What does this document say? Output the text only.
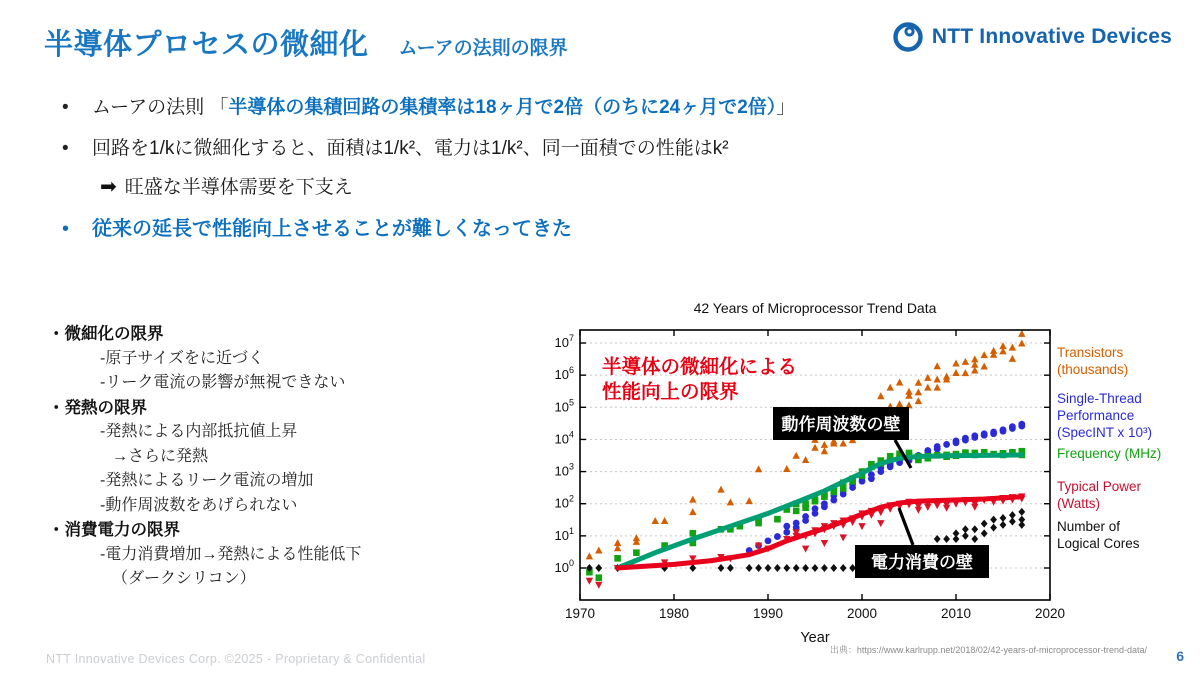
半導体プロセスの微細化 ムーアの法則の限界
NTT Innovative Devices
• ムーアの法則 「半導体の集積回路の集積率は18ヶ月で2倍（のちに24ヶ月で2倍）」
• 回路を1/kに微細化すると、面積は1/k²、電力は1/k²、同一面積での性能はk²
➡ 旺盛な半導体需要を下支え
• 従来の延長で性能向上させることが難しくなってきた
・微細化の限界
-原子サイズをに近づく
-リーク電流の影響が無視できない
・発熱の限界
-発熱による内部抵抗値上昇
→さらに発熱
-発熱によるリーク電流の増加
-動作周波数をあげられない
・消費電力の限界
-電力消費増加→発熱による性能低下
（ダークシリコン）
$10^0$
$10^1$
$10^2$
$10^3$
$10^4$
$10^5$
$10^6$
$10^7$
1970	1980	1990	2000	2010	2020
半導体の微細化による
性能向上の限界
動作周波数の壁
電力消費の壁
42 Years of Microprocessor Trend Data
Year
出典：https://www.karlrupp.net/2018/02/42-years-of-microprocessor-trend-data/
Transistors
(thousands)
Single-Thread
Performance
(SpecINT x 10³)
Frequency (MHz)
Typical Power
(Watts)
Number of
Logical Cores
NTT Innovative Devices Corp. ©2025 - Proprietary & Confidential	6
